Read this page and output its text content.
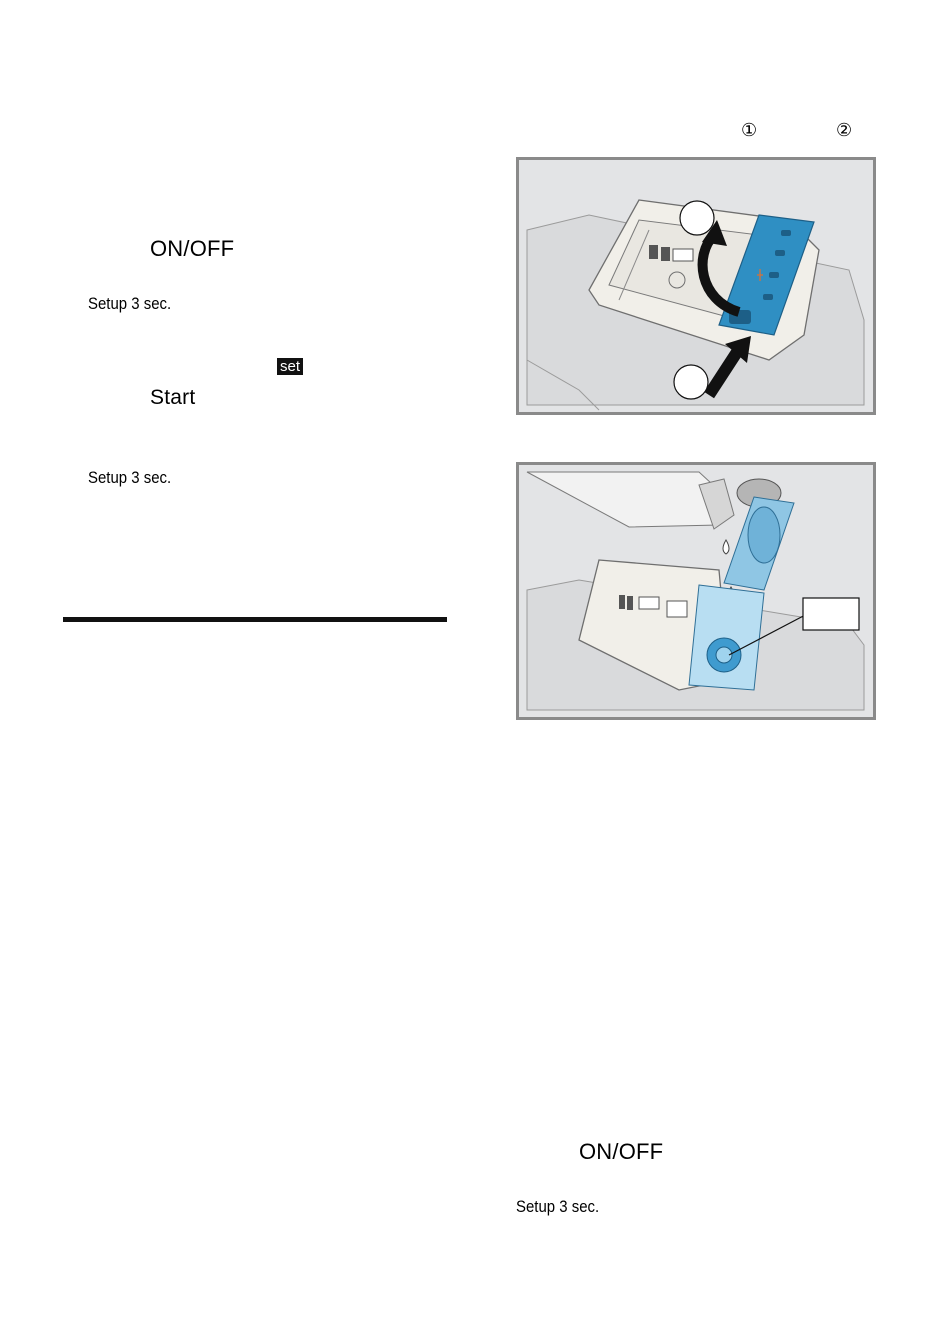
ON/OFF
Setup 3 sec.
set
Start
Setup 3 sec.
①	②
ON/OFF
Setup 3 sec.
